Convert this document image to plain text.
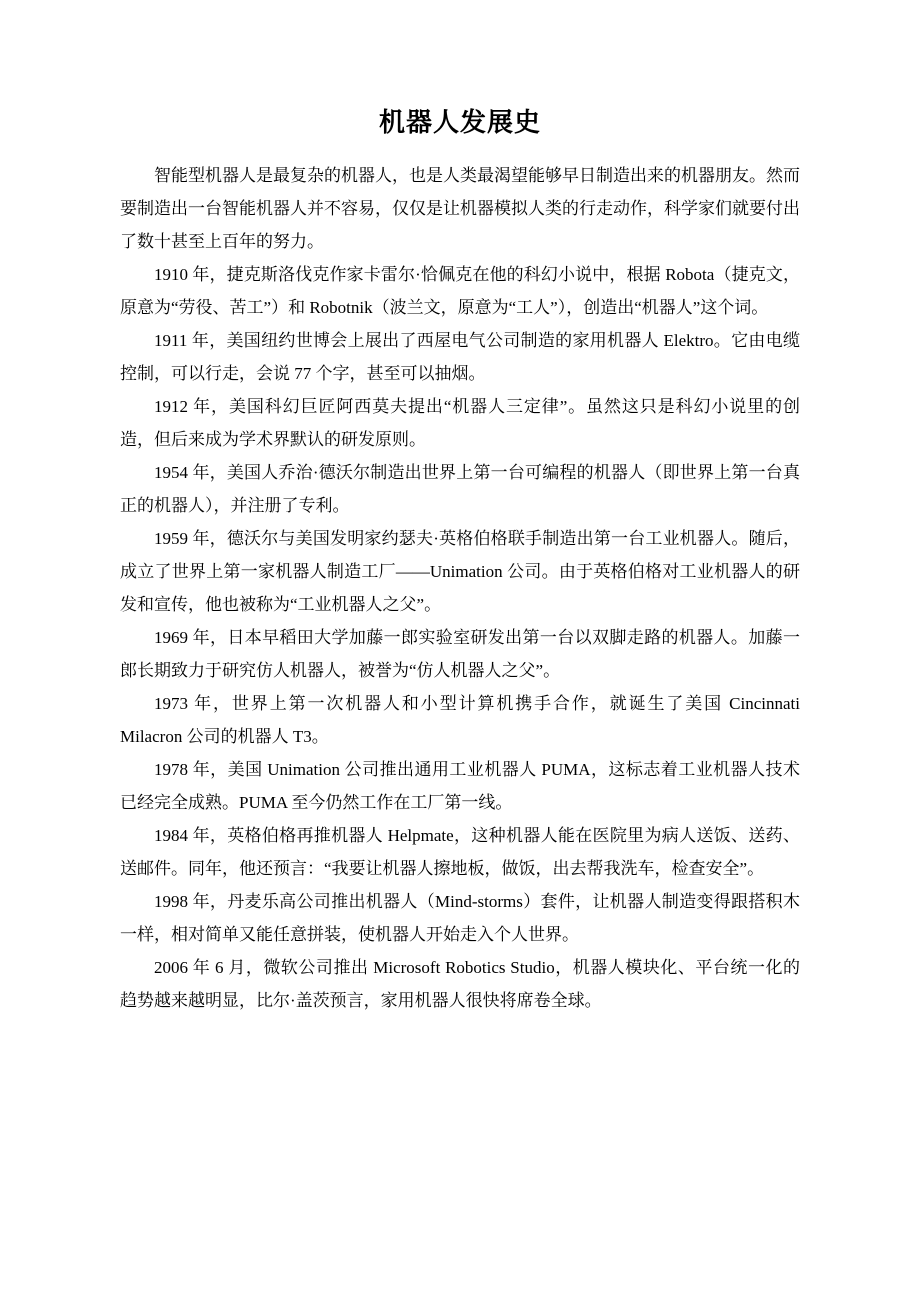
机器人发展史

智能型机器人是最复杂的机器人，也是人类最渴望能够早日制造出来的机器朋友。然而要制造出一台智能机器人并不容易，仅仅是让机器模拟人类的行走动作，科学家们就要付出了数十甚至上百年的努力。

1910 年，捷克斯洛伐克作家卡雷尔·恰佩克在他的科幻小说中，根据 Robota（捷克文，原意为“劳役、苦工”）和 Robotnik（波兰文，原意为“工人”），创造出“机器人”这个词。

1911 年，美国纽约世博会上展出了西屋电气公司制造的家用机器人 Elektro。它由电缆控制，可以行走，会说 77 个字，甚至可以抽烟。

1912 年，美国科幻巨匠阿西莫夫提出“机器人三定律”。虽然这只是科幻小说里的创造，但后来成为学术界默认的研发原则。

1954 年，美国人乔治·德沃尔制造出世界上第一台可编程的机器人（即世界上第一台真正的机器人），并注册了专利。

1959 年，德沃尔与美国发明家约瑟夫·英格伯格联手制造出第一台工业机器人。随后，成立了世界上第一家机器人制造工厂——Unimation 公司。由于英格伯格对工业机器人的研发和宣传，他也被称为“工业机器人之父”。

1969 年，日本早稻田大学加藤一郎实验室研发出第一台以双脚走路的机器人。加藤一郎长期致力于研究仿人机器人，被誉为“仿人机器人之父”。

1973 年，世界上第一次机器人和小型计算机携手合作，就诞生了美国 Cincinnati Milacron 公司的机器人 T3。

1978 年，美国 Unimation 公司推出通用工业机器人 PUMA，这标志着工业机器人技术已经完全成熟。PUMA 至今仍然工作在工厂第一线。

1984 年，英格伯格再推机器人 Helpmate，这种机器人能在医院里为病人送饭、送药、送邮件。同年，他还预言：“我要让机器人擦地板，做饭，出去帮我洗车，检查安全”。

1998 年，丹麦乐高公司推出机器人（Mind-storms）套件，让机器人制造变得跟搭积木一样，相对简单又能任意拼装，使机器人开始走入个人世界。

2006 年 6 月，微软公司推出 Microsoft Robotics Studio，机器人模块化、平台统一化的趋势越来越明显，比尔·盖茨预言，家用机器人很快将席卷全球。
